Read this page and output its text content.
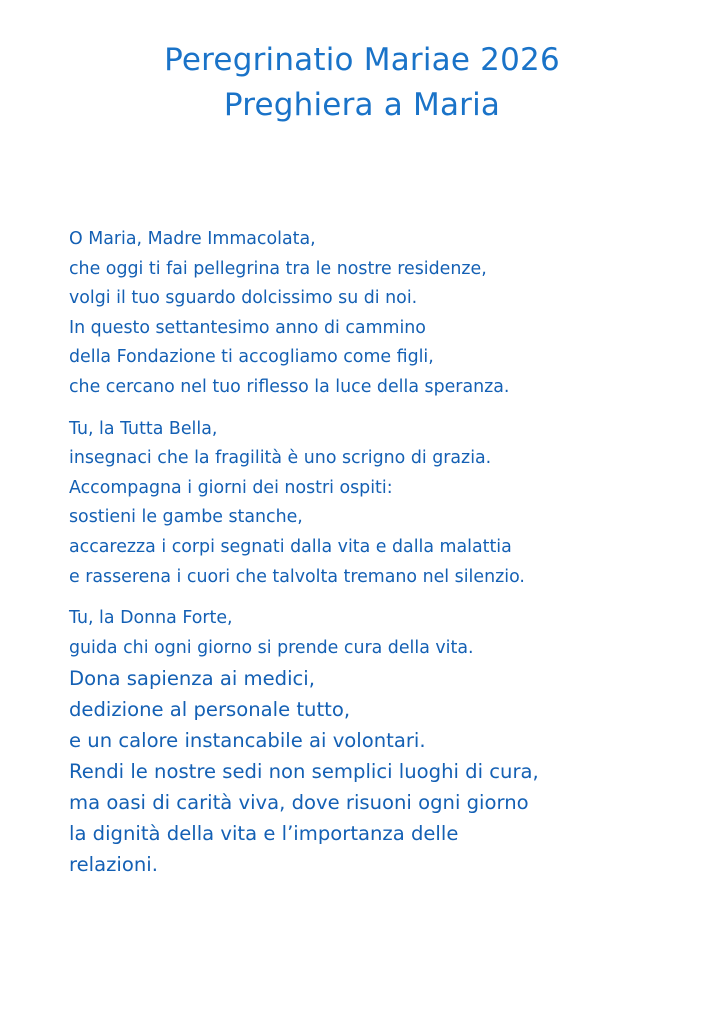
Peregrinatio Mariae 2026
Preghiera a Maria

O Maria, Madre Immacolata,
che oggi ti fai pellegrina tra le nostre residenze,
volgi il tuo sguardo dolcissimo su di noi.
In questo settantesimo anno di cammino
della Fondazione ti accogliamo come figli,
che cercano nel tuo riflesso la luce della speranza.

Tu, la Tutta Bella,
insegnaci che la fragilità è uno scrigno di grazia.
Accompagna i giorni dei nostri ospiti:
sostieni le gambe stanche,
accarezza i corpi segnati dalla vita e dalla malattia
e rasserena i cuori che talvolta tremano nel silenzio.

Tu, la Donna Forte,
guida chi ogni giorno si prende cura della vita.
Dona sapienza ai medici,
dedizione al personale tutto,
e un calore instancabile ai volontari.
Rendi le nostre sedi non semplici luoghi di cura,
ma oasi di carità viva, dove risuoni ogni giorno
la dignità della vita e l’importanza delle
relazioni.
